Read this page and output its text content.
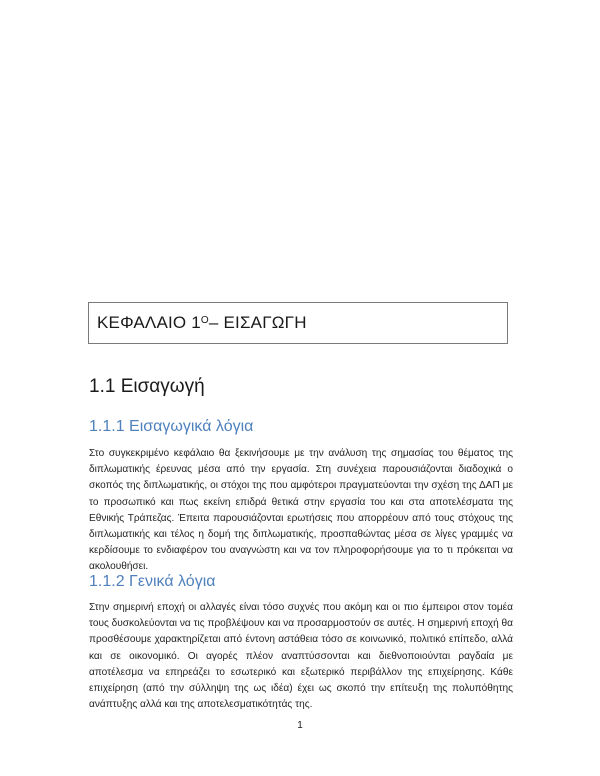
ΚΕΦΑΛΑΙΟ $1^O$ – ΕΙΣΑΓΩΓΗ
1.1 Εισαγωγή
1.1.1 Εισαγωγικά λόγια
Στο συγκεκριμένο κεφάλαιο θα ξεκινήσουμε με την ανάλυση της σημασίας του θέματος της διπλωματικής έρευνας μέσα από την εργασία. Στη συνέχεια παρουσιάζονται διαδοχικά ο σκοπός της διπλωματικής, οι στόχοι της που αμφότεροι πραγματεύονται την σχέση της ΔΑΠ με το προσωπικό και πως εκείνη επιδρά θετικά στην εργασία του και στα αποτελέσματα της Εθνικής Τράπεζας. Έπειτα παρουσιάζονται ερωτήσεις που απορρέουν από τους στόχους της διπλωματικής και τέλος η δομή της διπλωματικής, προσπαθώντας μέσα σε λίγες γραμμές να κερδίσουμε το ενδιαφέρον του αναγνώστη και να τον πληροφορήσουμε για το τι πρόκειται να ακολουθήσει.
1.1.2 Γενικά λόγια
Στην σημερινή εποχή οι αλλαγές είναι τόσο συχνές που ακόμη και οι πιο έμπειροι στον τομέα τους δυσκολεύονται να τις προβλέψουν και να προσαρμοστούν σε αυτές. Η σημερινή εποχή θα προσθέσουμε χαρακτηρίζεται από έντονη αστάθεια τόσο σε κοινωνικό, πολιτικό επίπεδο, αλλά και σε οικονομικό. Οι αγορές πλέον αναπτύσσονται και διεθνοποιούνται ραγδαία με αποτέλεσμα να επηρεάζει το εσωτερικό και εξωτερικό περιβάλλον της επιχείρησης. Κάθε επιχείρηση (από την σύλληψη της ως ιδέα) έχει ως σκοπό την επίτευξη της πολυπόθητης ανάπτυξης αλλά και της αποτελεσματικότητάς της.
1
